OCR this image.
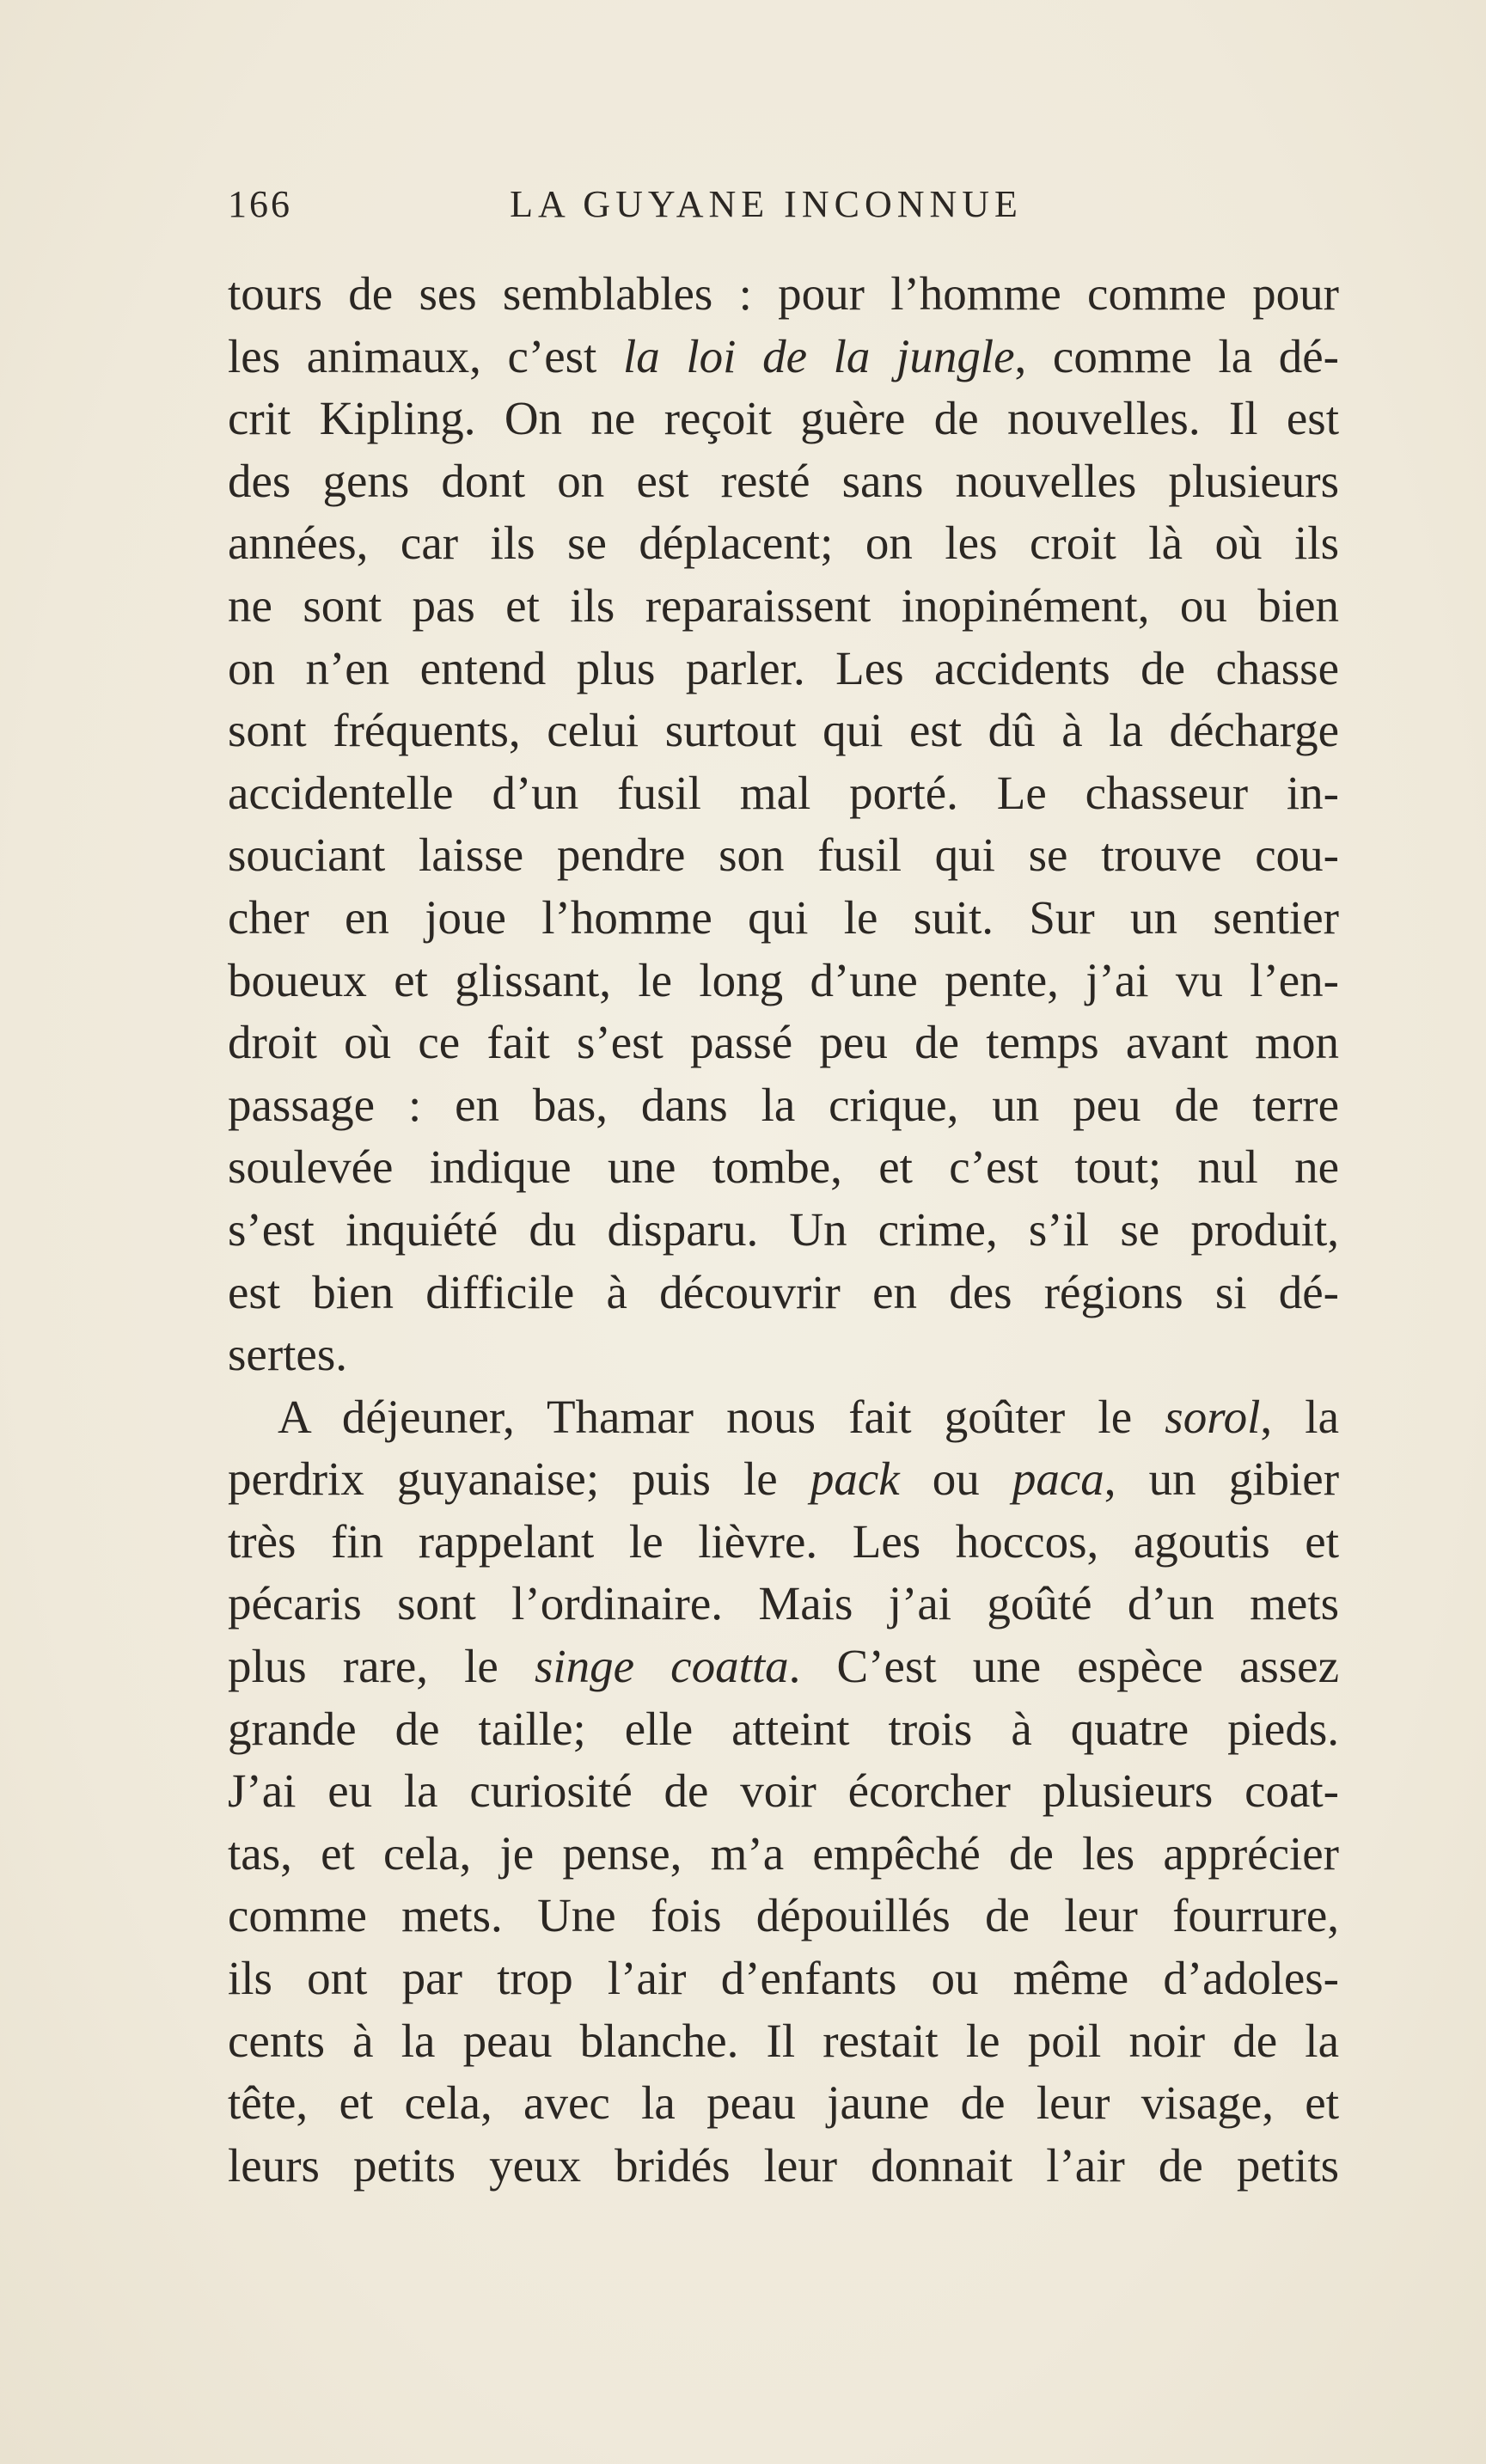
166	LA GUYANE INCONNUE
tours de ses semblables : pour l’homme comme pour
les animaux, c’est la loi de la jungle, comme la dé-
crit Kipling. On ne reçoit guère de nouvelles. Il est
des gens dont on est resté sans nouvelles plusieurs
années, car ils se déplacent; on les croit là où ils
ne sont pas et ils reparaissent inopinément, ou bien
on n’en entend plus parler. Les accidents de chasse
sont fréquents, celui surtout qui est dû à la décharge
accidentelle d’un fusil mal porté. Le chasseur in-
souciant laisse pendre son fusil qui se trouve cou-
cher en joue l’homme qui le suit. Sur un sentier
boueux et glissant, le long d’une pente, j’ai vu l’en-
droit où ce fait s’est passé peu de temps avant mon
passage : en bas, dans la crique, un peu de terre
soulevée indique une tombe, et c’est tout; nul ne
s’est inquiété du disparu. Un crime, s’il se produit,
est bien difficile à découvrir en des régions si dé-
sertes.
A déjeuner, Thamar nous fait goûter le sorol, la
perdrix guyanaise; puis le pack ou paca, un gibier
très fin rappelant le lièvre. Les hoccos, agoutis et
pécaris sont l’ordinaire. Mais j’ai goûté d’un mets
plus rare, le singe coatta. C’est une espèce assez
grande de taille; elle atteint trois à quatre pieds.
J’ai eu la curiosité de voir écorcher plusieurs coat-
tas, et cela, je pense, m’a empêché de les apprécier
comme mets. Une fois dépouillés de leur fourrure,
ils ont par trop l’air d’enfants ou même d’adoles-
cents à la peau blanche. Il restait le poil noir de la
tête, et cela, avec la peau jaune de leur visage, et
leurs petits yeux bridés leur donnait l’air de petits
